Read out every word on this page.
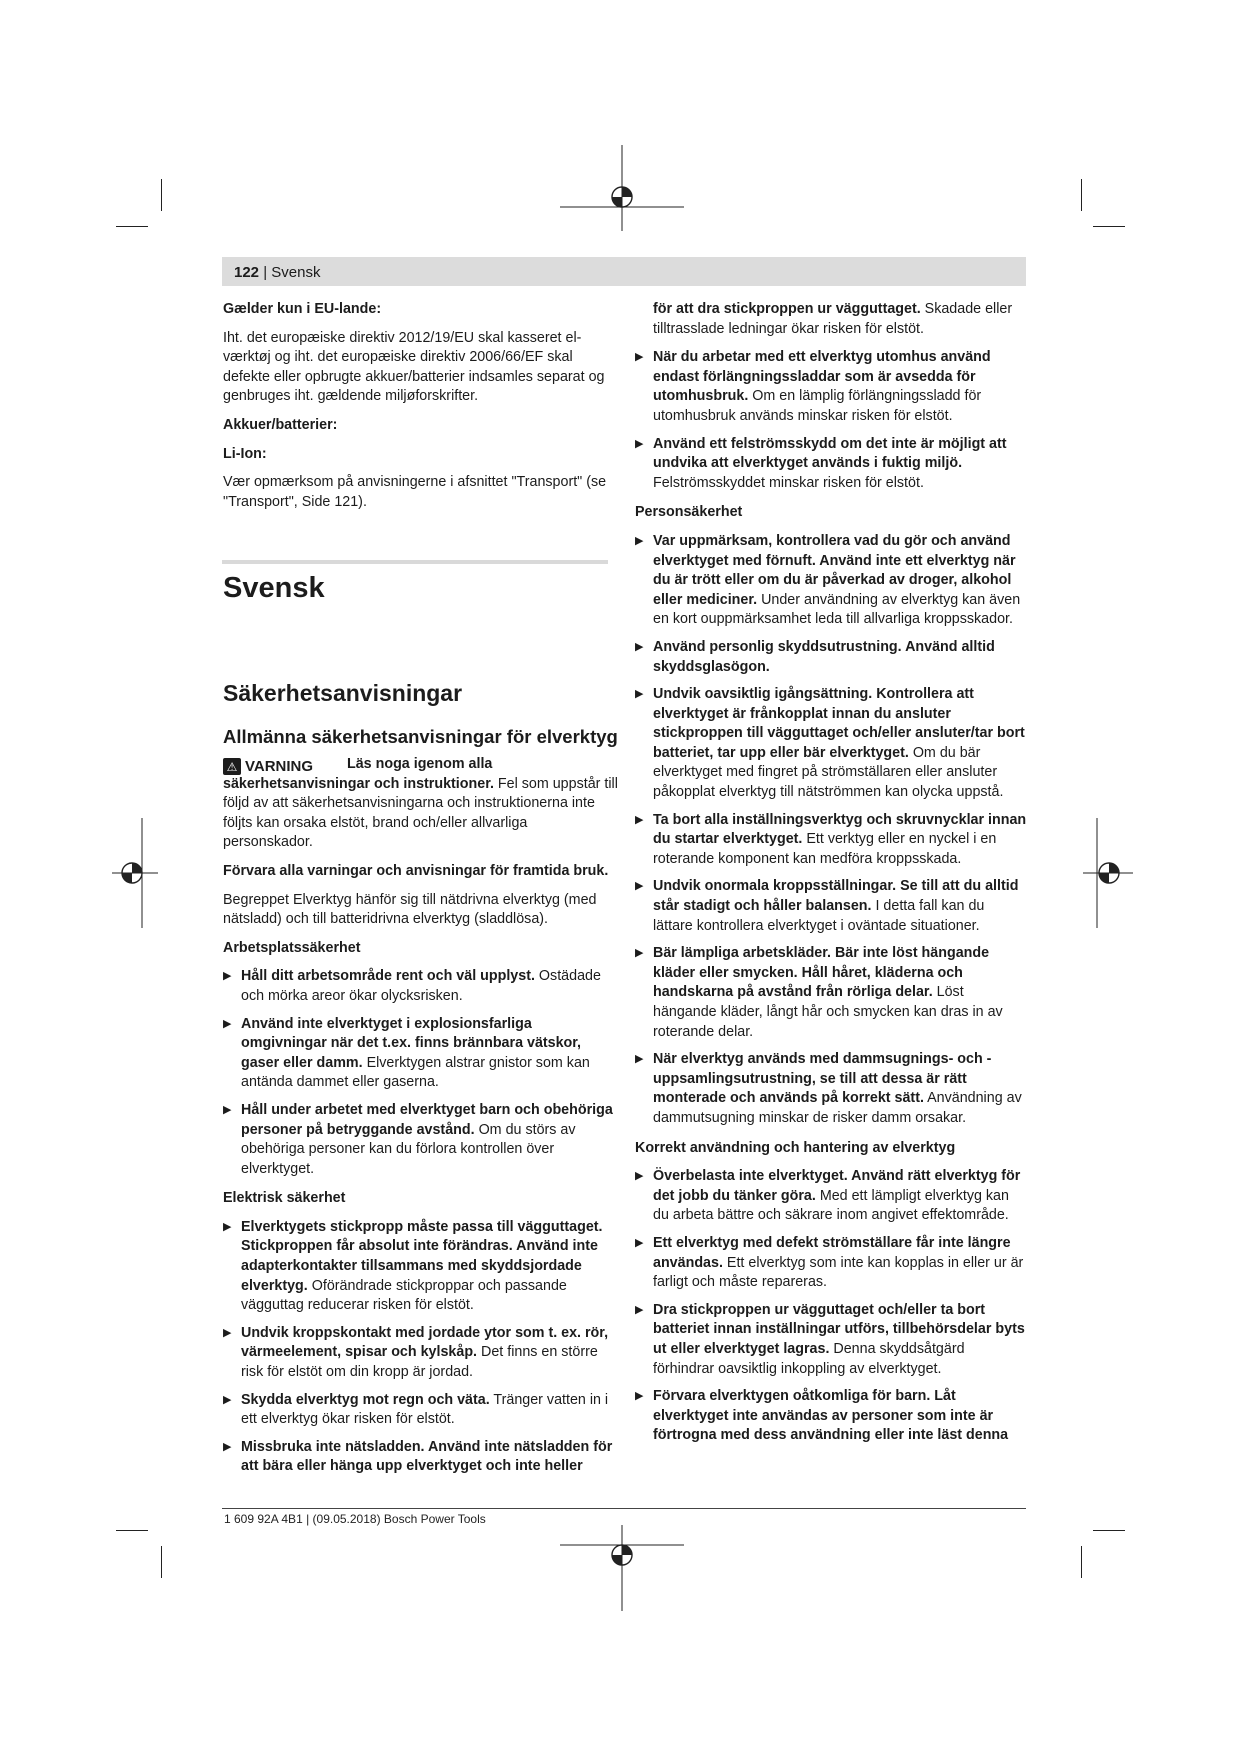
122 | Svensk

Gælder kun i EU-lande:

Iht. det europæiske direktiv 2012/19/EU skal kasseret el-værktøj og iht. det europæiske direktiv 2006/66/EF skal defekte eller opbrugte akkuer/batterier indsamles separat og genbruges iht. gældende miljøforskrifter.

Akkuer/batterier:

Li-Ion:

Vær opmærksom på anvisningerne i afsnittet "Transport" (se "Transport", Side 121).

Svensk
Säkerhetsanvisningar
Allmänna säkerhetsanvisningar för elverktyg
⚠ VARNING	Läs noga igenom alla säkerhetsanvisningar och instruktioner. Fel som uppstår till följd av att säkerhetsanvisningarna och instruktionerna inte följts kan orsaka elstöt, brand och/eller allvarliga personskador.

Förvara alla varningar och anvisningar för framtida bruk.

Begreppet Elverktyg hänför sig till nätdrivna elverktyg (med nätsladd) och till batteridrivna elverktyg (sladdlösa).

Arbetsplatssäkerhet

▶ Håll ditt arbetsområde rent och väl upplyst. Ostädade och mörka areor ökar olycksrisken.
▶ Använd inte elverktyget i explosionsfarliga omgivningar när det t.ex. finns brännbara vätskor, gaser eller damm. Elverktygen alstrar gnistor som kan antända dammet eller gaserna.
▶ Håll under arbetet med elverktyget barn och obehöriga personer på betryggande avstånd. Om du störs av obehöriga personer kan du förlora kontrollen över elverktyget.

Elektrisk säkerhet

▶ Elverktygets stickpropp måste passa till vägguttaget. Stickproppen får absolut inte förändras. Använd inte adapterkontakter tillsammans med skyddsjordade elverktyg. Oförändrade stickproppar och passande vägguttag reducerar risken för elstöt.
▶ Undvik kroppskontakt med jordade ytor som t. ex. rör, värmeelement, spisar och kylskåp. Det finns en större risk för elstöt om din kropp är jordad.
▶ Skydda elverktyg mot regn och väta. Tränger vatten in i ett elverktyg ökar risken för elstöt.
▶ Missbruka inte nätsladden. Använd inte nätsladden för att bära eller hänga upp elverktyget och inte heller

för att dra stickproppen ur vägguttaget. Skadade eller tilltrasslade ledningar ökar risken för elstöt.

▶ När du arbetar med ett elverktyg utomhus använd endast förlängningssladdar som är avsedda för utomhusbruk. Om en lämplig förlängningssladd för utomhusbruk används minskar risken för elstöt.
▶ Använd ett felströmsskydd om det inte är möjligt att undvika att elverktyget används i fuktig miljö. Felströmsskyddet minskar risken för elstöt.

Personsäkerhet

▶ Var uppmärksam, kontrollera vad du gör och använd elverktyget med förnuft. Använd inte ett elverktyg när du är trött eller om du är påverkad av droger, alkohol eller mediciner. Under användning av elverktyg kan även en kort ouppmärksamhet leda till allvarliga kroppsskador.
▶ Använd personlig skyddsutrustning. Använd alltid skyddsglasögon.
▶ Undvik oavsiktlig igångsättning. Kontrollera att elverktyget är frånkopplat innan du ansluter stickproppen till vägguttaget och/eller ansluter/tar bort batteriet, tar upp eller bär elverktyget. Om du bär elverktyget med fingret på strömställaren eller ansluter påkopplat elverktyg till nätströmmen kan olycka uppstå.
▶ Ta bort alla inställningsverktyg och skruvnycklar innan du startar elverktyget. Ett verktyg eller en nyckel i en roterande komponent kan medföra kroppsskada.
▶ Undvik onormala kroppsställningar. Se till att du alltid står stadigt och håller balansen. I detta fall kan du lättare kontrollera elverktyget i oväntade situationer.
▶ Bär lämpliga arbetskläder. Bär inte löst hängande kläder eller smycken. Håll håret, kläderna och handskarna på avstånd från rörliga delar. Löst hängande kläder, långt hår och smycken kan dras in av roterande delar.
▶ När elverktyg används med dammsugnings- och -uppsamlingsutrustning, se till att dessa är rätt monterade och används på korrekt sätt. Användning av dammutsugning minskar de risker damm orsakar.

Korrekt användning och hantering av elverktyg

▶ Överbelasta inte elverktyget. Använd rätt elverktyg för det jobb du tänker göra. Med ett lämpligt elverktyg kan du arbeta bättre och säkrare inom angivet effektområde.
▶ Ett elverktyg med defekt strömställare får inte längre användas. Ett elverktyg som inte kan kopplas in eller ur är farligt och måste repareras.
▶ Dra stickproppen ur vägguttaget och/eller ta bort batteriet innan inställningar utförs, tillbehörsdelar byts ut eller elverktyget lagras. Denna skyddsåtgärd förhindrar oavsiktlig inkoppling av elverktyget.
▶ Förvara elverktygen oåtkomliga för barn. Låt elverktyget inte användas av personer som inte är förtrogna med dess användning eller inte läst denna
1 609 92A 4B1 | (09.05.2018) Bosch Power Tools
